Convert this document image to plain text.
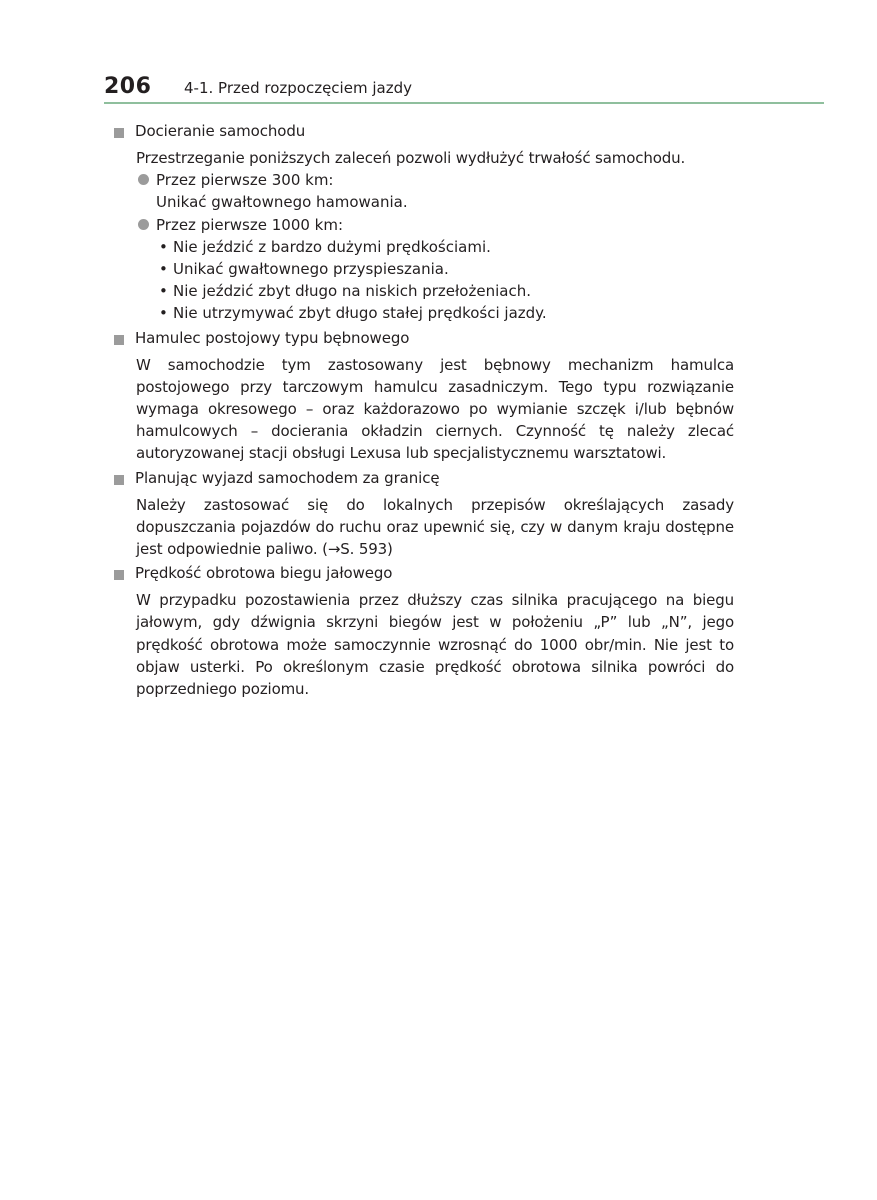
206 4-1. Przed rozpoczęciem jazdy
Docieranie samochodu
Przestrzeganie poniższych zaleceń pozwoli wydłużyć trwałość samochodu.
Przez pierwsze 300 km:
Unikać gwałtownego hamowania.
Przez pierwsze 1000 km:
• Nie jeździć z bardzo dużymi prędkościami.
• Unikać gwałtownego przyspieszania.
• Nie jeździć zbyt długo na niskich przełożeniach.
• Nie utrzymywać zbyt długo stałej prędkości jazdy.
Hamulec postojowy typu bębnowego
W samochodzie tym zastosowany jest bębnowy mechanizm hamulca postojowego przy tarczowym hamulcu zasadniczym. Tego typu rozwiązanie wymaga okresowego – oraz każdorazowo po wymianie szczęk i/lub bębnów hamulcowych – docierania okładzin ciernych. Czynność tę należy zlecać autoryzowanej stacji obsługi Lexusa lub specjalistycznemu warsztatowi.
Planując wyjazd samochodem za granicę
Należy zastosować się do lokalnych przepisów określających zasady dopuszczania pojazdów do ruchu oraz upewnić się, czy w danym kraju dostępne jest odpowiednie paliwo. (→S. 593)
Prędkość obrotowa biegu jałowego
W przypadku pozostawienia przez dłuższy czas silnika pracującego na biegu jałowym, gdy dźwignia skrzyni biegów jest w położeniu „P” lub „N”, jego prędkość obrotowa może samoczynnie wzrosnąć do 1000 obr/min. Nie jest to objaw usterki. Po określonym czasie prędkość obrotowa silnika powróci do poprzedniego poziomu.
